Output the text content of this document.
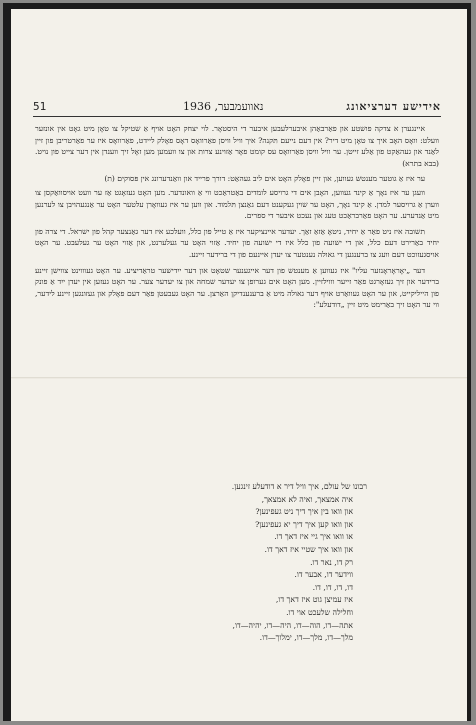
51	נאוועמבער, 1936	אידישע דערציאונג

איינגערן א צדקה פושטע און פאַרבאַהן איבערלעבען איבער די היסטאָר. לוי יצחק האָט אויף אַ שטיקל צו טאָן מיט גאָט אין אונזער וועלט: וואָס האָב איך צו טאָן מיט דיר? אין דעם נייעם תּקנה? איך וויל וויסן פאַרוואָס דאָס פאָלק ליידט, פאַרוואָס איז ער פאַרטריבן פון זיין לאַנד און געהאַקט פון אַלע זייטן. ער וויל וויסן פאַרוואָס עס קומט פאָר אַזוינע צרות און צו וועמען מען זאָל זיך ווענדן אין דער צייט פון נויט. (בבא בתרא)

ער איז אַ גוטער מענטש געווען, און זיין פאָלק האָט אים ליב געהאַט: דורך פרייד און וואַנדערונג אין פּסוקים (ת)

וועגן ער איז נאָך אַ קינד געווען, האָבן אים די גרויסע לומדים באַטראַכט ווי אַ וואונדער. מען האָט געזאָגט אַז ער וועט אויסוואַקסן צו ווערן אַ גרויסער למדן. אַ קינד נאָך, האָט ער שוין געקענט דעם גאַנצן תּלמוד. און ווען ער איז געוואָרן עלטער האָט ער אַנגעהויבן צו לערנען מיט אַנדערע. ער האָט פאַרבראַכט טעג און נעכט איבער די ספרים.

תשובה איז ניט פאַר אַ יחיד, ניטאָ אַזאַ זאַך. יעדער איינציקער איז אַ טייל פון כלל, וועלכע איז דער גאַנצער קהל פון ישראל. די צרה פון יחיד באַרירט דעם כלל, און די ישועה פון כלל איז די ישועה פון יחיד. אַזוי האָט ער געלערנט, און אַזוי האָט ער געלעבט. ער האָט אויסגעזוכט דעם וועג צו ברענגען די גאולה נענטער צו יעדן איינעם פון די ברידער זיינע.

דער „יאָראָראָנזער עליו" איז געווען אַ מענטש פון דער אייגענער שטאָט און דער ייִדישער טראַדיציע. ער האָט געוווינט צווישן זיינע ברידער און זיך געזאָרגט פאַר זייער וווילזיין. מען האָט אים גערופן צו יעדער שמחה און צו יעדער צער. ער האָט געזען אין יעדן ייִד אַ פונק פון הייליקייט, און ער האָט געוואַרט אויף דער גאולה מיט אַ ברענענדיקן האַרצן. ער האָט געבעטן פאַר דעם פאָלק און געזונגען זיינע לידער, ווי ער האָט זיך באַרימט מיט זיין „דודעלע":

רבונו של עולם, איך וויל דיר א דודעלע זינגען.
איה אמצאך, ואיה לא אמצאך,
און וואו בין איך דיך ניט געפינען?
און וואו קען איך דיך יא געפינען?
או וואו איך גיי איז דאך דו.
און וואו איך שטיי איז דאך דו.
רק דו, נאר דו.
ווידער דו, אבער דו.
דו, דו, דו, דו.
איז עמיצן גוט איז דאך דו,
וחלילה שלעכט אוי דו.
אתה—דו, הוה—דו, היה—דו, יהיה—דו,
מלך—דו, מלך—דו, ימלוך—דו.
